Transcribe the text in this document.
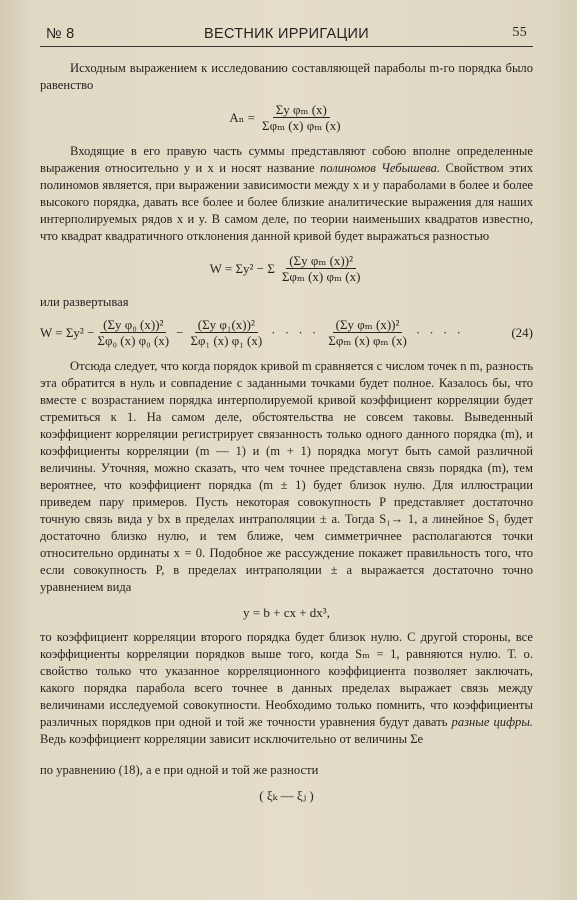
№ 8	ВЕСТНИК ИРРИГАЦИИ	55

Исходным выражением к исследованию составляющей параболы m-го порядка было равенство

$A_n = \frac{\text{Σy φₘ (x)}}{\text{Σφₘ (x) φₘ (x)}}$

Входящие в его правую часть суммы представляют собою вполне определенные выражения относительно y и x и носят название полиномов Чебышева. Свойством этих полиномов является, при выражении зависимости между x и y параболами в более и более высокого порядка, давать все более и более близкие аналитические выражения для наших интерполируемых рядов x и y. В самом деле, по теории наименьших квадратов известно, что квадрат квадратичного отклонения данной кривой будет выражаться разностью

W = Σy² − Σ $\frac{\text{(Σy φₘ (x))²}}{\text{Σφₘ (x) φₘ (x)}}$

или развертывая

$W = \Sigma y^2 - \frac{\text{(Σy φ₀ (x))²}}{\text{Σφ₀ (x) φ₀ (x)}} - \frac{\text{(Σy φ₁(x))²}}{\text{Σφ₁ (x) φ₁ (x)}}$ · · · · $\frac{\text{(Σy φₘ (x))²}}{\text{Σφₘ (x) φₘ (x)}}$ · · · ·	(24)

Отсюда следует, что когда порядок кривой m сравняется с числом точек n m, разность эта обратится в нуль и совпадение с заданными точками будет полное. Казалось бы, что вместе с возрастанием порядка интерполируемой кривой коэффициент корреляции будет стремиться к 1. На самом деле, обстоятельства не совсем таковы. Выведенный коэффициент корреляции регистрирует связанность только одного данного порядка (m), и коэффициенты корреляции (m — 1) и (m + 1) порядка могут быть самой различной величины. Уточняя, можно сказать, что чем точнее представлена связь порядка (m), тем вероятнее, что коэффициент порядка (m ± 1) будет близок нулю. Для иллюстрации приведем пару примеров. Пусть некоторая совокупность P представляет достаточно точную связь вида y bx в пределах интраполяции ± a. Тогда S₁→ 1, а линейное S₁ будет достаточно близко нулю, и тем ближе, чем симметричнее располагаются точки относительно ординаты x = 0. Подобное же рассуждение покажет правильность того, что если совокупность P, в пределах интраполяции ± a выражается достаточно точно уравнением вида

y = b + cx + dx³,

то коэффициент корреляции второго порядка будет близок нулю. С другой стороны, все коэффициенты корреляции порядков выше того, когда Sₘ = 1, равняются нулю. Т. о. свойство только что указанное корреляционного коэффициента позволяет заключать, какого порядка парабола всего точнее в данных пределах выражает связь между величинами исследуемой совокупности. Необходимо только помнить, что коэффициенты различных порядков при одной и той же точности уравнения будут давать разные цифры. Ведь коэффициент корреляции зависит исключительно от величины Σe

по уравнению (18), а е при одной и той же разности

( ξₖ — ξⱼ )
